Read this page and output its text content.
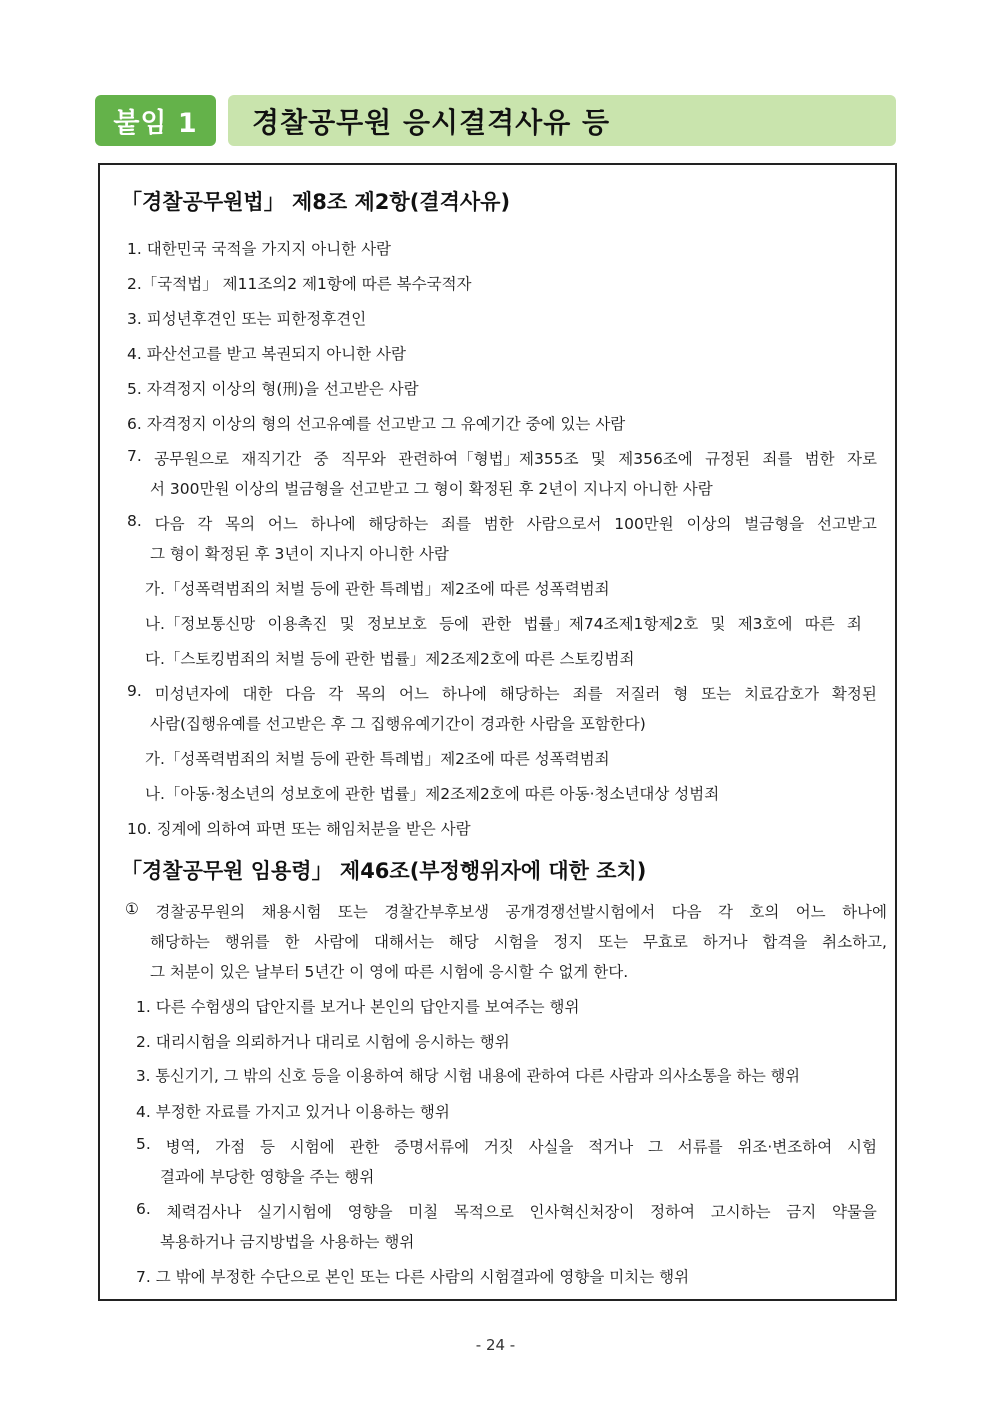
붙임 1	경찰공무원 응시결격사유 등
「경찰공무원법」 제8조 제2항(결격사유)
1. 대한민국 국적을 가지지 아니한 사람
2.「국적법」 제11조의2 제1항에 따른 복수국적자
3. 피성년후견인 또는 피한정후견인
4. 파산선고를 받고 복권되지 아니한 사람
5. 자격정지 이상의 형(刑)을 선고받은 사람
6. 자격정지 이상의 형의 선고유예를 선고받고 그 유예기간 중에 있는 사람
7. 공무원으로 재직기간 중 직무와 관련하여「형법」제355조 및 제356조에 규정된 죄를 범한 자로
서 300만원 이상의 벌금형을 선고받고 그 형이 확정된 후 2년이 지나지 아니한 사람
8. 다음 각 목의 어느 하나에 해당하는 죄를 범한 사람으로서 100만원 이상의 벌금형을 선고받고
그 형이 확정된 후 3년이 지나지 아니한 사람
가.「성폭력범죄의 처벌 등에 관한 특례법」제2조에 따른 성폭력범죄
나.「정보통신망 이용촉진 및 정보보호 등에 관한 법률」제74조제1항제2호 및 제3호에 따른 죄
다.「스토킹범죄의 처벌 등에 관한 법률」제2조제2호에 따른 스토킹범죄
9. 미성년자에 대한 다음 각 목의 어느 하나에 해당하는 죄를 저질러 형 또는 치료감호가 확정된
사람(집행유예를 선고받은 후 그 집행유예기간이 경과한 사람을 포함한다)
가.「성폭력범죄의 처벌 등에 관한 특례법」제2조에 따른 성폭력범죄
나.「아동·청소년의 성보호에 관한 법률」제2조제2호에 따른 아동·청소년대상 성범죄
10. 징계에 의하여 파면 또는 해임처분을 받은 사람
「경찰공무원 임용령」 제46조(부정행위자에 대한 조치)
① 경찰공무원의 채용시험 또는 경찰간부후보생 공개경쟁선발시험에서 다음 각 호의 어느 하나에
해당하는 행위를 한 사람에 대해서는 해당 시험을 정지 또는 무효로 하거나 합격을 취소하고,
그 처분이 있은 날부터 5년간 이 영에 따른 시험에 응시할 수 없게 한다.
1. 다른 수험생의 답안지를 보거나 본인의 답안지를 보여주는 행위
2. 대리시험을 의뢰하거나 대리로 시험에 응시하는 행위
3. 통신기기, 그 밖의 신호 등을 이용하여 해당 시험 내용에 관하여 다른 사람과 의사소통을 하는 행위
4. 부정한 자료를 가지고 있거나 이용하는 행위
5. 병역, 가점 등 시험에 관한 증명서류에 거짓 사실을 적거나 그 서류를 위조·변조하여 시험
결과에 부당한 영향을 주는 행위
6. 체력검사나 실기시험에 영향을 미칠 목적으로 인사혁신처장이 정하여 고시하는 금지 약물을
복용하거나 금지방법을 사용하는 행위
7. 그 밖에 부정한 수단으로 본인 또는 다른 사람의 시험결과에 영향을 미치는 행위
- 24 -
